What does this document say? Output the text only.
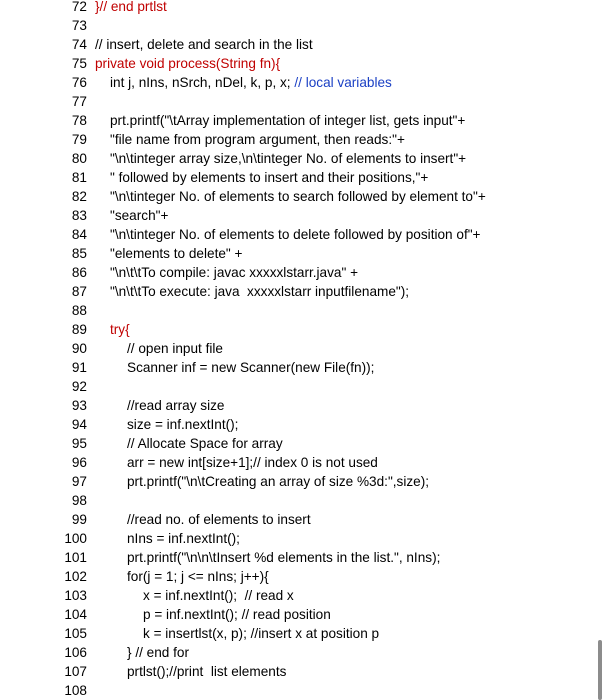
72 }// end prtlst
73
74 // insert, delete and search in the list
75 private void process(String fn){
76 int j, nIns, nSrch, nDel, k, p, x; // local variables
77
78 prt.printf("\tArray implementation of integer list, gets input"+
79 "file name from program argument, then reads:"+
80 "\n\tinteger array size,\n\tinteger No. of elements to insert"+
81 " followed by elements to insert and their positions,"+
82 "\n\tinteger No. of elements to search followed by element to"+
83 "search"+
84 "\n\tinteger No. of elements to delete followed by position of"+
85 "elements to delete" +
86 "\n\t\tTo compile: javac xxxxxlstarr.java" +
87 "\n\t\tTo execute: java  xxxxxlstarr inputfilename");
88
89 try{
90	// open input file
91	Scanner inf = new Scanner(new File(fn));
92
93	//read array size
94	size = inf.nextInt();
95	// Allocate Space for array
96	arr = new int[size+1];// index 0 is not used
97	prt.printf("\n\tCreating an array of size %3d:",size);
98
99	//read no. of elements to insert
100	nIns = inf.nextInt();
101	prt.printf("\n\n\tInsert %d elements in the list.", nIns);
102	for(j = 1; j <= nIns; j++){
103	x = inf.nextInt();  // read x
104	p = inf.nextInt(); // read position
105	k = insertlst(x, p); //insert x at position p
106	} // end for
107	prtlst();//print  list elements
108
